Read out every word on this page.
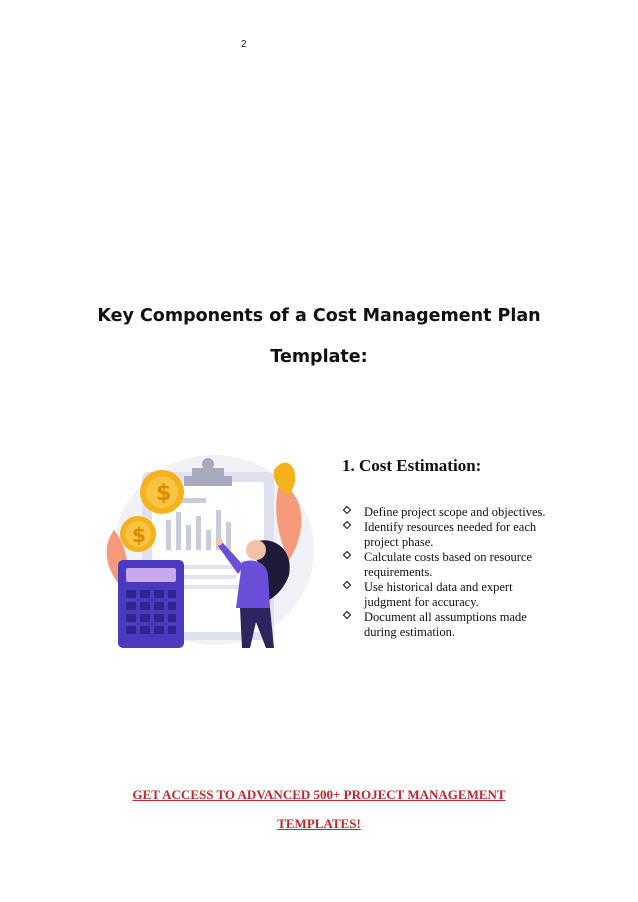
2
Key Components of a Cost Management Plan
Template:
$
$
1. Cost Estimation:
Define project scope and objectives.
Identify resources needed for each project phase.
Calculate costs based on resource requirements.
Use historical data and expert judgment for accuracy.
Document all assumptions made during estimation.
GET ACCESS TO ADVANCED 500+ PROJECT MANAGEMENT
TEMPLATES!
